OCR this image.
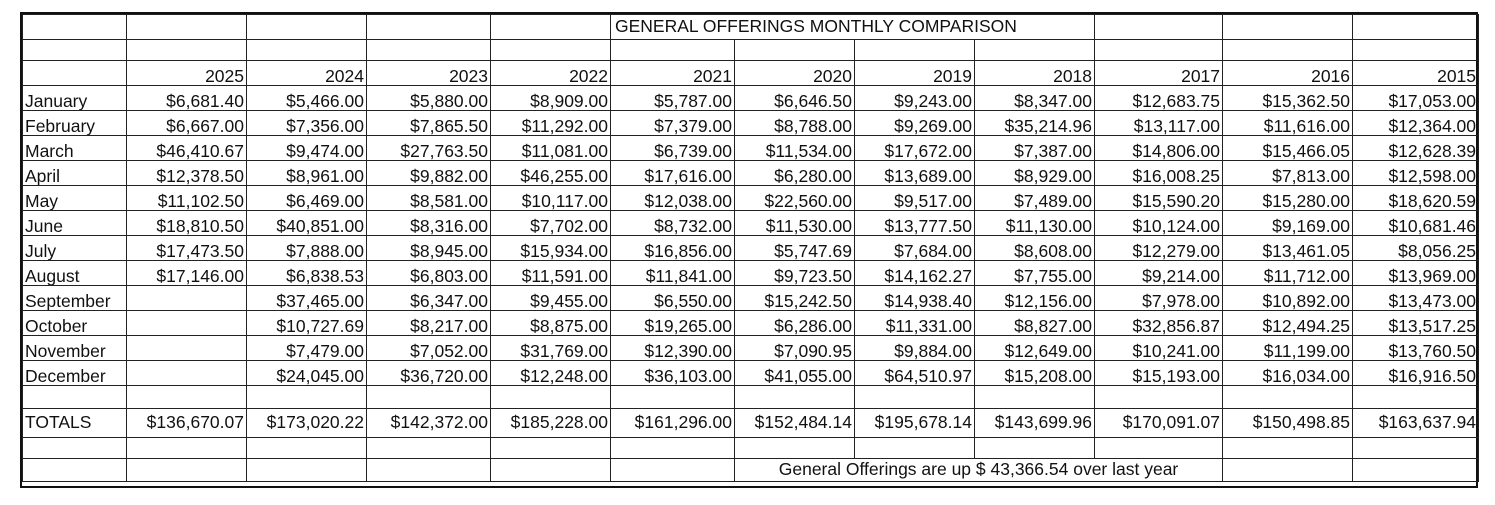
					GENERAL OFFERINGS MONTHLY COMPARISON						

	2025	2024	2023	2022	2021	2020	2019	2018	2017	2016	2015
January	$6,681.40	$5,466.00	$5,880.00	$8,909.00	$5,787.00	$6,646.50	$9,243.00	$8,347.00	$12,683.75	$15,362.50	$17,053.00
February	$6,667.00	$7,356.00	$7,865.50	$11,292.00	$7,379.00	$8,788.00	$9,269.00	$35,214.96	$13,117.00	$11,616.00	$12,364.00
March	$46,410.67	$9,474.00	$27,763.50	$11,081.00	$6,739.00	$11,534.00	$17,672.00	$7,387.00	$14,806.00	$15,466.05	$12,628.39
April	$12,378.50	$8,961.00	$9,882.00	$46,255.00	$17,616.00	$6,280.00	$13,689.00	$8,929.00	$16,008.25	$7,813.00	$12,598.00
May	$11,102.50	$6,469.00	$8,581.00	$10,117.00	$12,038.00	$22,560.00	$9,517.00	$7,489.00	$15,590.20	$15,280.00	$18,620.59
June	$18,810.50	$40,851.00	$8,316.00	$7,702.00	$8,732.00	$11,530.00	$13,777.50	$11,130.00	$10,124.00	$9,169.00	$10,681.46
July	$17,473.50	$7,888.00	$8,945.00	$15,934.00	$16,856.00	$5,747.69	$7,684.00	$8,608.00	$12,279.00	$13,461.05	$8,056.25
August	$17,146.00	$6,838.53	$6,803.00	$11,591.00	$11,841.00	$9,723.50	$14,162.27	$7,755.00	$9,214.00	$11,712.00	$13,969.00
September		$37,465.00	$6,347.00	$9,455.00	$6,550.00	$15,242.50	$14,938.40	$12,156.00	$7,978.00	$10,892.00	$13,473.00
October		$10,727.69	$8,217.00	$8,875.00	$19,265.00	$6,286.00	$11,331.00	$8,827.00	$32,856.87	$12,494.25	$13,517.25
November		$7,479.00	$7,052.00	$31,769.00	$12,390.00	$7,090.95	$9,884.00	$12,649.00	$10,241.00	$11,199.00	$13,760.50
December		$24,045.00	$36,720.00	$12,248.00	$36,103.00	$41,055.00	$64,510.97	$15,208.00	$15,193.00	$16,034.00	$16,916.50

TOTALS	$136,670.07	$173,020.22	$142,372.00	$185,228.00	$161,296.00	$152,484.14	$195,678.14	$143,699.96	$170,091.07	$150,498.85	$163,637.94

						General Offerings are up $ 43,366.54 over last year					
